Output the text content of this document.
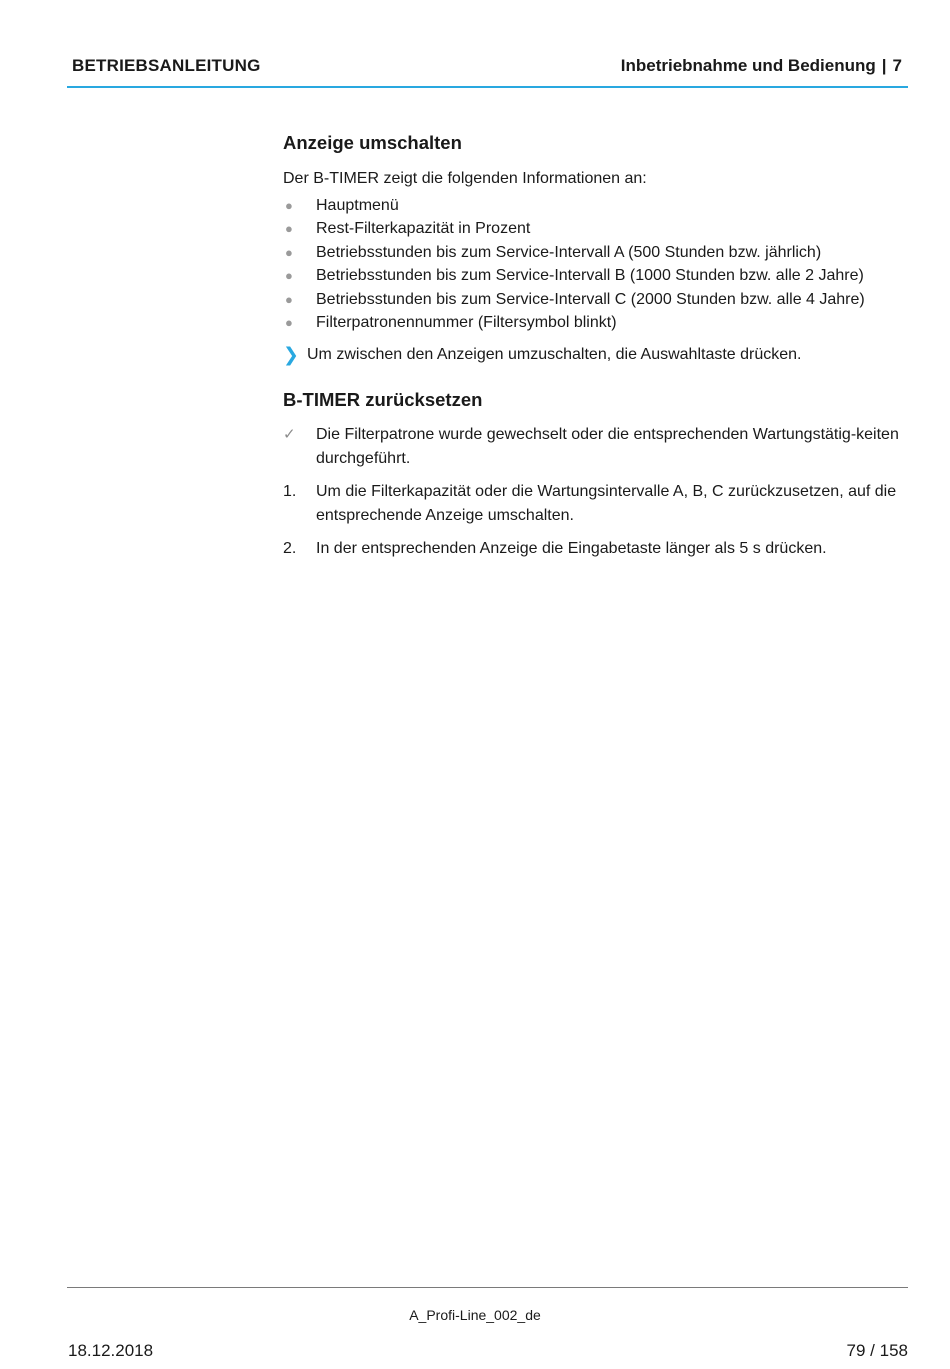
BETRIEBSANLEITUNG	Inbetriebnahme und Bedienung | 7
Anzeige umschalten

Der B-TIMER zeigt die folgenden Informationen an:

● Hauptmenü
● Rest-Filterkapazität in Prozent
● Betriebsstunden bis zum Service-Intervall A (500 Stunden bzw. jährlich)
● Betriebsstunden bis zum Service-Intervall B (1000 Stunden bzw. alle 2 Jahre)
● Betriebsstunden bis zum Service-Intervall C (2000 Stunden bzw. alle 4 Jahre)
● Filterpatronennummer (Filtersymbol blinkt)
❯ Um zwischen den Anzeigen umzuschalten, die Auswahltaste drücken.
B-TIMER zurücksetzen
✓ Die Filterpatrone wurde gewechselt oder die entsprechenden Wartungstätig-keiten durchgeführt.
1. Um die Filterkapazität oder die Wartungsintervalle A, B, C zurückzusetzen, auf die entsprechende Anzeige umschalten.
2. In der entsprechenden Anzeige die Eingabetaste länger als 5 s drücken.
A_Profi-Line_002_de
18.12.2018	79 / 158
